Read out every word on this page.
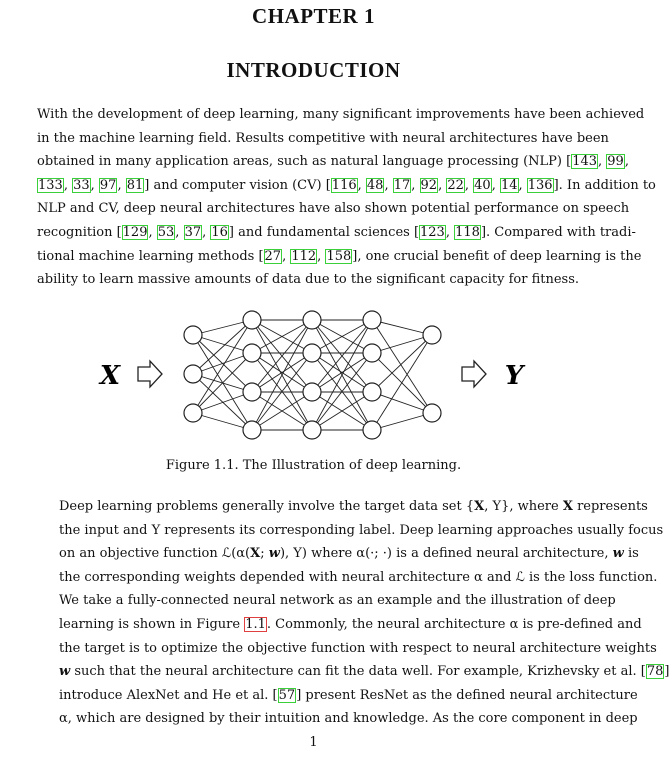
CHAPTER 1
INTRODUCTION
With the development of deep learning, many significant improvements have been achieved
in the machine learning field. Results competitive with neural architectures have been
obtained in many application areas, such as natural language processing (NLP) [143, 99,
133, 33, 97, 81] and computer vision (CV) [116, 48, 17, 92, 22, 40, 14, 136]. In addition to
NLP and CV, deep neural architectures have also shown potential performance on speech
recognition [129, 53, 37, 16] and fundamental sciences [123, 118]. Compared with tradi-
tional machine learning methods [27, 112, 158], one crucial benefit of deep learning is the
ability to learn massive amounts of data due to the significant capacity for fitness.
X	Y
Figure 1.1. The Illustration of deep learning.
Deep learning problems generally involve the target data set {X, Y}, where X represents
the input and Y represents its corresponding label. Deep learning approaches usually focus
on an objective function ℒ(α(X; w), Y) where α(·; ·) is a defined neural architecture, w is
the corresponding weights depended with neural architecture α and ℒ is the loss function.
We take a fully-connected neural network as an example and the illustration of deep
learning is shown in Figure 1.1. Commonly, the neural architecture α is pre-defined and
the target is to optimize the objective function with respect to neural architecture weights
w such that the neural architecture can fit the data well. For example, Krizhevsky et al. [78]
introduce AlexNet and He et al. [57] present ResNet as the defined neural architecture
α, which are designed by their intuition and knowledge. As the core component in deep
1
